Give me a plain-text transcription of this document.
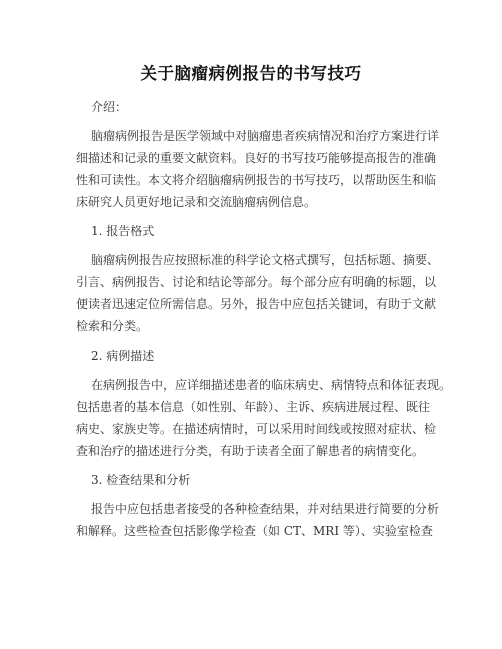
关于脑瘤病例报告的书写技巧
介绍：
脑瘤病例报告是医学领域中对脑瘤患者疾病情况和治疗方案进行详
细描述和记录的重要文献资料。良好的书写技巧能够提高报告的准确
性和可读性。本文将介绍脑瘤病例报告的书写技巧，以帮助医生和临
床研究人员更好地记录和交流脑瘤病例信息。
1. 报告格式
脑瘤病例报告应按照标准的科学论文格式撰写，包括标题、摘要、
引言、病例报告、讨论和结论等部分。每个部分应有明确的标题，以
便读者迅速定位所需信息。另外，报告中应包括关键词，有助于文献
检索和分类。
2. 病例描述
在病例报告中，应详细描述患者的临床病史、病情特点和体征表现。
包括患者的基本信息（如性别、年龄）、主诉、疾病进展过程、既往
病史、家族史等。在描述病情时，可以采用时间线或按照对症状、检
查和治疗的描述进行分类，有助于读者全面了解患者的病情变化。
3. 检查结果和分析
报告中应包括患者接受的各种检查结果，并对结果进行简要的分析
和解释。这些检查包括影像学检查（如 CT、MRI 等）、实验室检查
